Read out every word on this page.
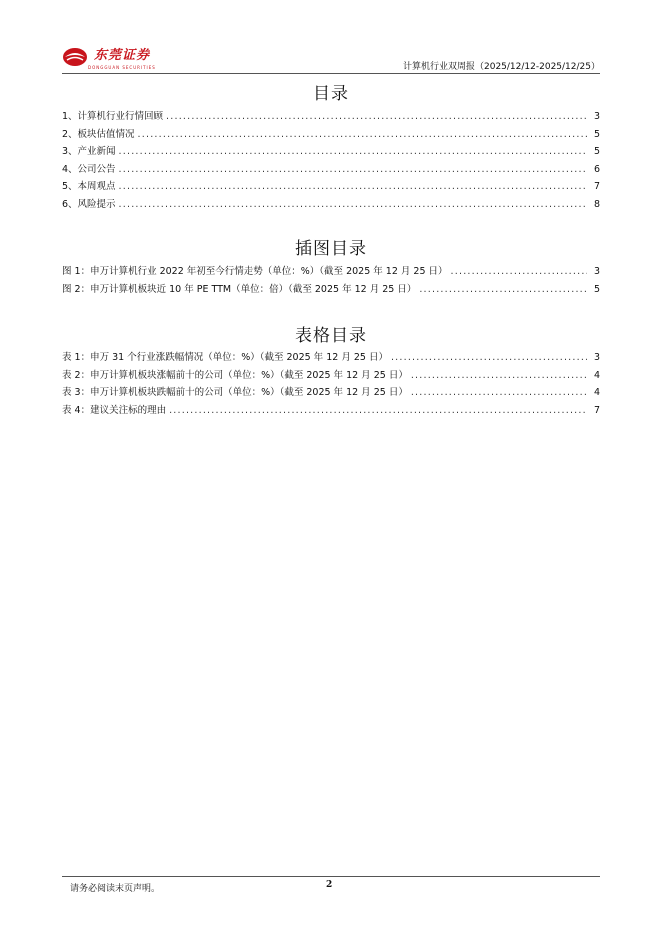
东莞证券
DONGGUAN SECURITIES	计算机行业双周报（2025/12/12-2025/12/25）
目录
1、计算机行业行情回顾 .....	3
2、板块估值情况 .....	5
3、产业新闻 .....	5
4、公司公告 .....	6
5、本周观点 .....	7
6、风险提示 .....	8
插图目录
图 1：申万计算机行业 2022 年初至今行情走势（单位：%）（截至 2025 年 12 月 25 日） .....	3
图 2：申万计算机板块近 10 年 PE TTM（单位：倍）（截至 2025 年 12 月 25 日） .....	5
表格目录
表 1：申万 31 个行业涨跌幅情况（单位：%）（截至 2025 年 12 月 25 日） .....	3
表 2：申万计算机板块涨幅前十的公司（单位：%）（截至 2025 年 12 月 25 日） .....	4
表 3：申万计算机板块跌幅前十的公司（单位：%）（截至 2025 年 12 月 25 日） .....	4
表 4：建议关注标的理由 .....	7
请务必阅读末页声明。	2
